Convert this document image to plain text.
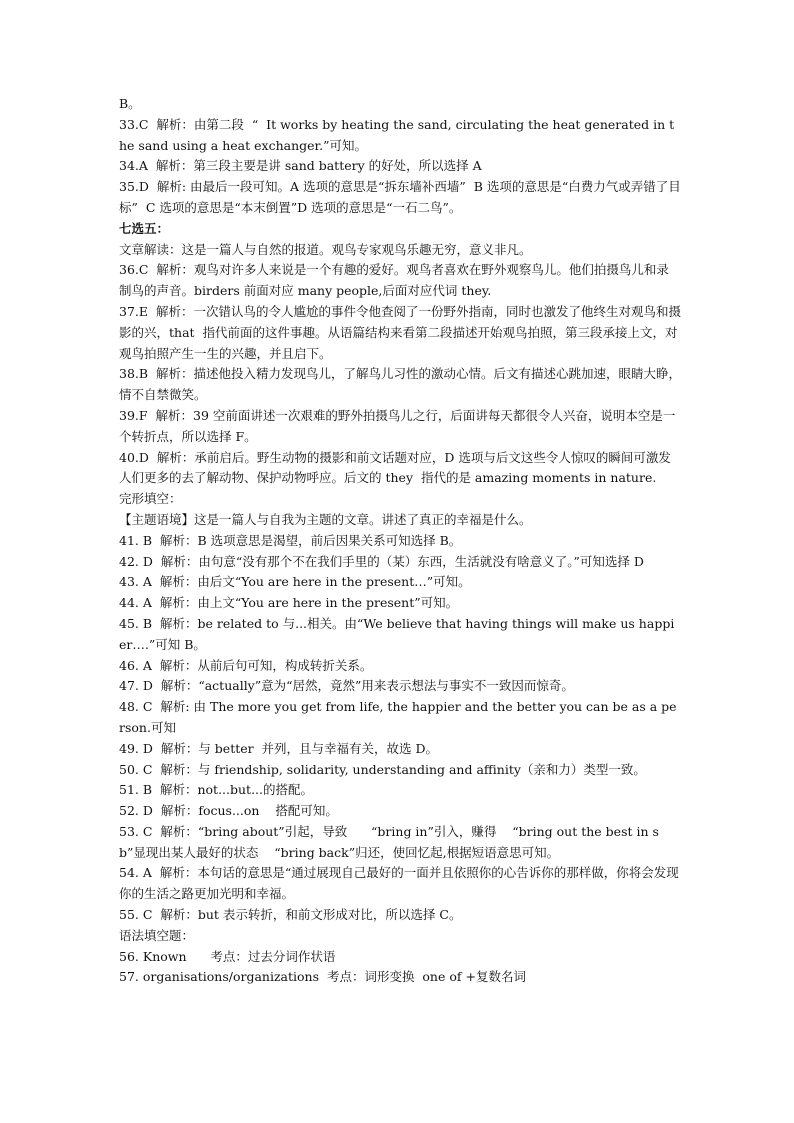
B。
33.C  解析：由第二段  “  It works by heating the sand, circulating the heat generated in the sand using a heat exchanger.”可知。
34.A  解析：第三段主要是讲 sand battery 的好处，所以选择 A
35.D  解析: 由最后一段可知。A 选项的意思是“拆东墙补西墙”  B 选项的意思是“白费力气或弄错了目标”  C 选项的意思是“本末倒置”D 选项的意思是“一石二鸟”。
七选五：
文章解读：这是一篇人与自然的报道。观鸟专家观鸟乐趣无穷，意义非凡。
36.C  解析：观鸟对许多人来说是一个有趣的爱好。观鸟者喜欢在野外观察鸟儿。他们拍摄鸟儿和录制鸟的声音。birders 前面对应 many people,后面对应代词 they.
37.E  解析：一次错认鸟的令人尴尬的事件令他查阅了一份野外指南，同时也激发了他终生对观鸟和摄影的兴，that  指代前面的这件事趣。从语篇结构来看第二段描述开始观鸟拍照，第三段承接上文，对观鸟拍照产生一生的兴趣，并且启下。
38.B  解析：描述他投入精力发现鸟儿，了解鸟儿习性的激动心情。后文有描述心跳加速，眼睛大睁，情不自禁微笑。
39.F  解析：39 空前面讲述一次艰难的野外拍摄鸟儿之行，后面讲每天都很令人兴奋，说明本空是一个转折点，所以选择 F。
40.D  解析：承前启后。野生动物的摄影和前文话题对应，D 选项与后文这些令人惊叹的瞬间可激发人们更多的去了解动物、保护动物呼应。后文的 they  指代的是 amazing moments in nature.
完形填空：
【主题语境】这是一篇人与自我为主题的文章。讲述了真正的幸福是什么。
41. B  解析：B 选项意思是渴望，前后因果关系可知选择 B。
42. D  解析：由句意“没有那个不在我们手里的（某）东西，生活就没有啥意义了。”可知选择 D
43. A  解析：由后文“You are here in the present…”可知。
44. A  解析：由上文“You are here in the present”可知。
45. B  解析：be related to 与...相关。由“We believe that having things will make us happier….”可知 B。
46. A  解析：从前后句可知，构成转折关系。
47. D  解析：“actually”意为“居然，竟然”用来表示想法与事实不一致因而惊奇。
48. C  解析: 由 The more you get from life, the happier and the better you can be as a person.可知
49. D  解析：与 better  并列，且与幸福有关，故选 D。
50. C  解析：与 friendship, solidarity, understanding and affinity（亲和力）类型一致。
51. B  解析：not...but...的搭配。
52. D  解析：focus...on    搭配可知。
53. C  解析：“bring about”引起，导致      “bring in”引入，赚得    “bring out the best in sb”显现出某人最好的状态    “bring back”归还，使回忆起,根据短语意思可知。
54. A  解析：本句话的意思是“通过展现自己最好的一面并且依照你的心告诉你的那样做，你将会发现你的生活之路更加光明和幸福。
55. C  解析：but 表示转折，和前文形成对比，所以选择 C。
语法填空题：
56. Known      考点：过去分词作状语
57. organisations/organizations  考点：词形变换  one of +复数名词
